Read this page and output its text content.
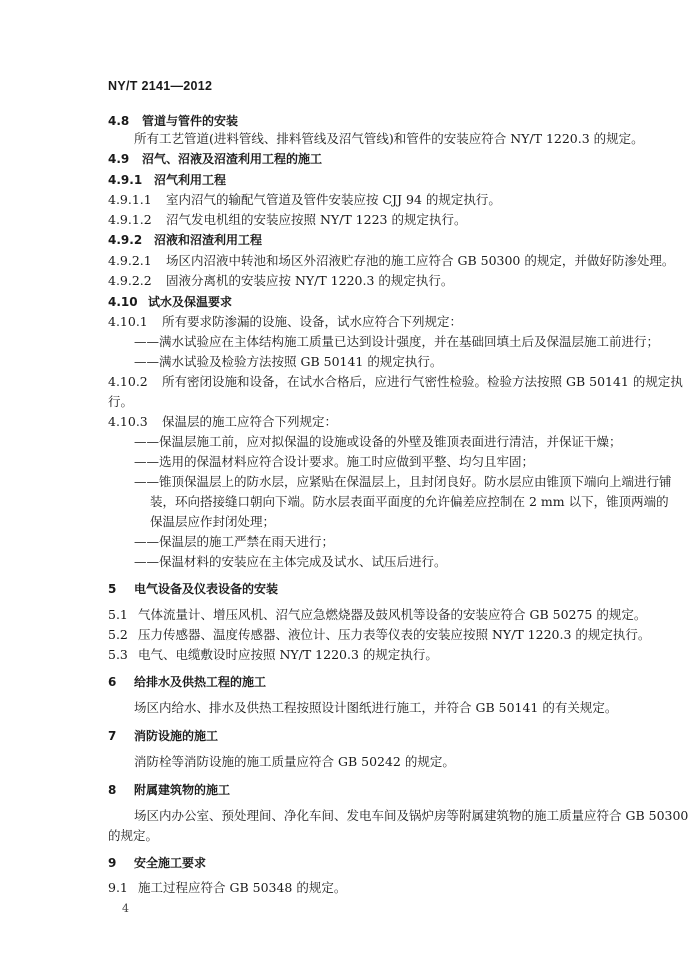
NY/T 2141—2012
4.8 管道与管件的安装
所有工艺管道(进料管线、排料管线及沼气管线)和管件的安装应符合 NY/T 1220.3 的规定。
4.9 沼气、沼液及沼渣利用工程的施工
4.9.1 沼气利用工程
4.9.1.1 室内沼气的输配气管道及管件安装应按 CJJ 94 的规定执行。
4.9.1.2 沼气发电机组的安装应按照 NY/T 1223 的规定执行。
4.9.2 沼液和沼渣利用工程
4.9.2.1 场区内沼液中转池和场区外沼液贮存池的施工应符合 GB 50300 的规定，并做好防渗处理。
4.9.2.2 固液分离机的安装应按 NY/T 1220.3 的规定执行。
4.10 试水及保温要求
4.10.1 所有要求防渗漏的设施、设备，试水应符合下列规定：
——满水试验应在主体结构施工质量已达到设计强度，并在基础回填土后及保温层施工前进行；
——满水试验及检验方法按照 GB 50141 的规定执行。
4.10.2 所有密闭设施和设备，在试水合格后，应进行气密性检验。检验方法按照 GB 50141 的规定执
行。
4.10.3 保温层的施工应符合下列规定：
——保温层施工前，应对拟保温的设施或设备的外壁及锥顶表面进行清洁，并保证干燥；
——选用的保温材料应符合设计要求。施工时应做到平整、均匀且牢固；
——锥顶保温层上的防水层，应紧贴在保温层上，且封闭良好。防水层应由锥顶下端向上端进行铺
装，环向搭接缝口朝向下端。防水层表面平面度的允许偏差应控制在 2 mm 以下，锥顶两端的
保温层应作封闭处理；
——保温层的施工严禁在雨天进行；
——保温材料的安装应在主体完成及试水、试压后进行。
5 电气设备及仪表设备的安装
5.1 气体流量计、增压风机、沼气应急燃烧器及鼓风机等设备的安装应符合 GB 50275 的规定。
5.2 压力传感器、温度传感器、液位计、压力表等仪表的安装应按照 NY/T 1220.3 的规定执行。
5.3 电气、电缆敷设时应按照 NY/T 1220.3 的规定执行。
6 给排水及供热工程的施工
场区内给水、排水及供热工程按照设计图纸进行施工，并符合 GB 50141 的有关规定。
7 消防设施的施工
消防栓等消防设施的施工质量应符合 GB 50242 的规定。
8 附属建筑物的施工
场区内办公室、预处理间、净化车间、发电车间及锅炉房等附属建筑物的施工质量应符合 GB 50300
的规定。
9 安全施工要求
9.1 施工过程应符合 GB 50348 的规定。
4
